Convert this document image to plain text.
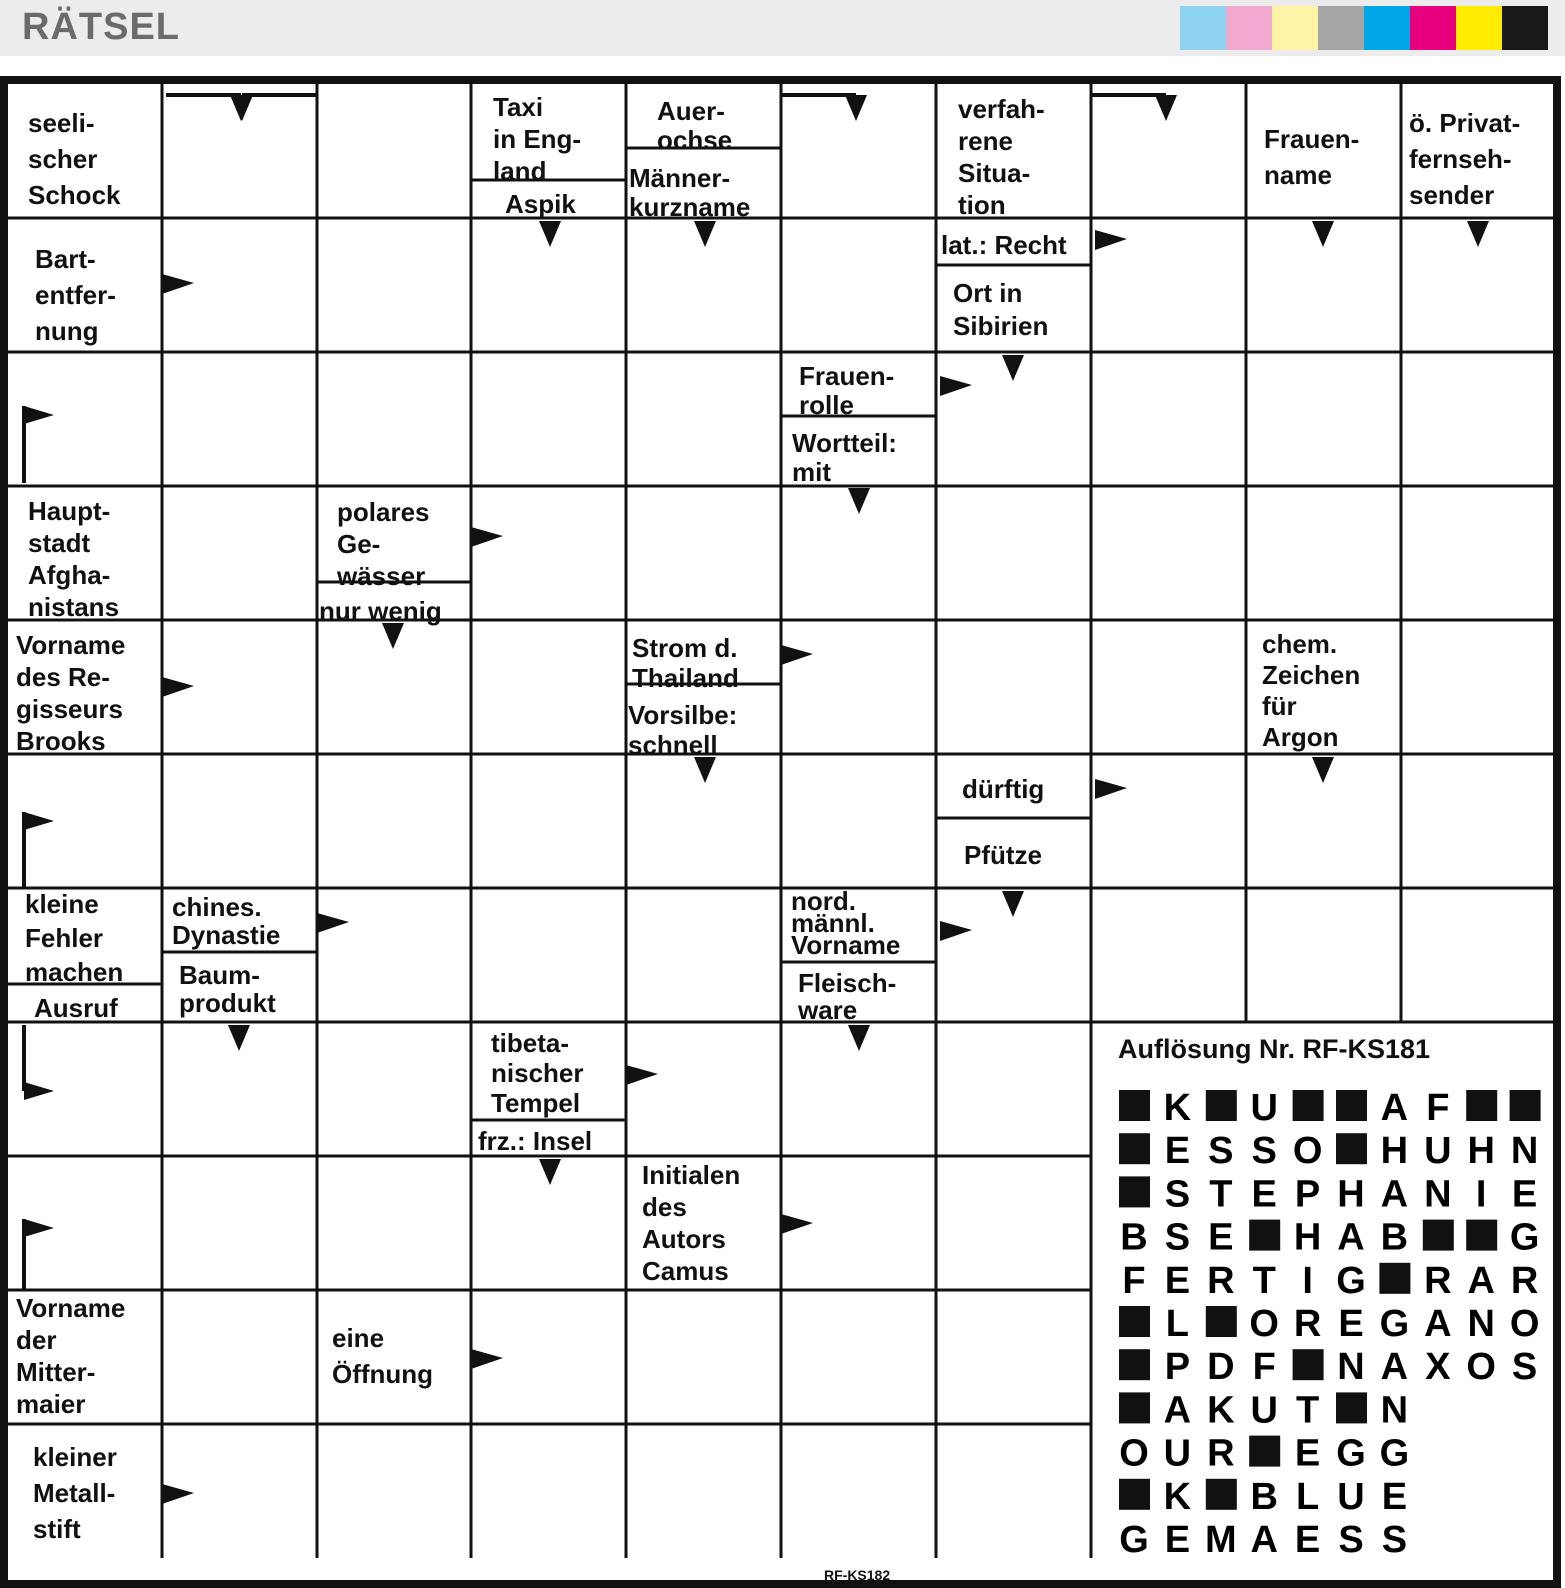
RÄTSEL
seeli-scher Schock
Taxi in Eng-land
Aspik
Auer-ochse
Männer-kurzname
verfah-rene Situa-tion
Frauen-name
ö. Privat-fernseh-sender
Bart-entfer-nung
lat.: Recht
Ort in Sibirien
Frauen-rolle
Wortteil: mit
Haupt-stadt Afgha-nistans
polares Ge-wässer
nur wenig
Vorname des Re-gisseurs Brooks
Strom d. Thailand
Vorsilbe: schnell
chem. Zeichen für Argon
dürftig
Pfütze
kleine Fehler machen
Ausruf
chines. Dynastie
Baum-produkt
nord. männl. Vorname
Fleisch-ware
tibeta-nischer Tempel
frz.: Insel
Initialen des Autors Camus
Vorname der Mitter-maier
eine Öffnung
kleiner Metall-stift
Auflösung Nr. RF-KS181
K U	A F
E S S O H U H N
S T E P H A N I E
B S E H A B	G
F E R T I G R A R
L O R E G A N O
P D F N A X O S
A K U T N
O U R E G G
K B L U E
G E M A E S S
RF-KS182
